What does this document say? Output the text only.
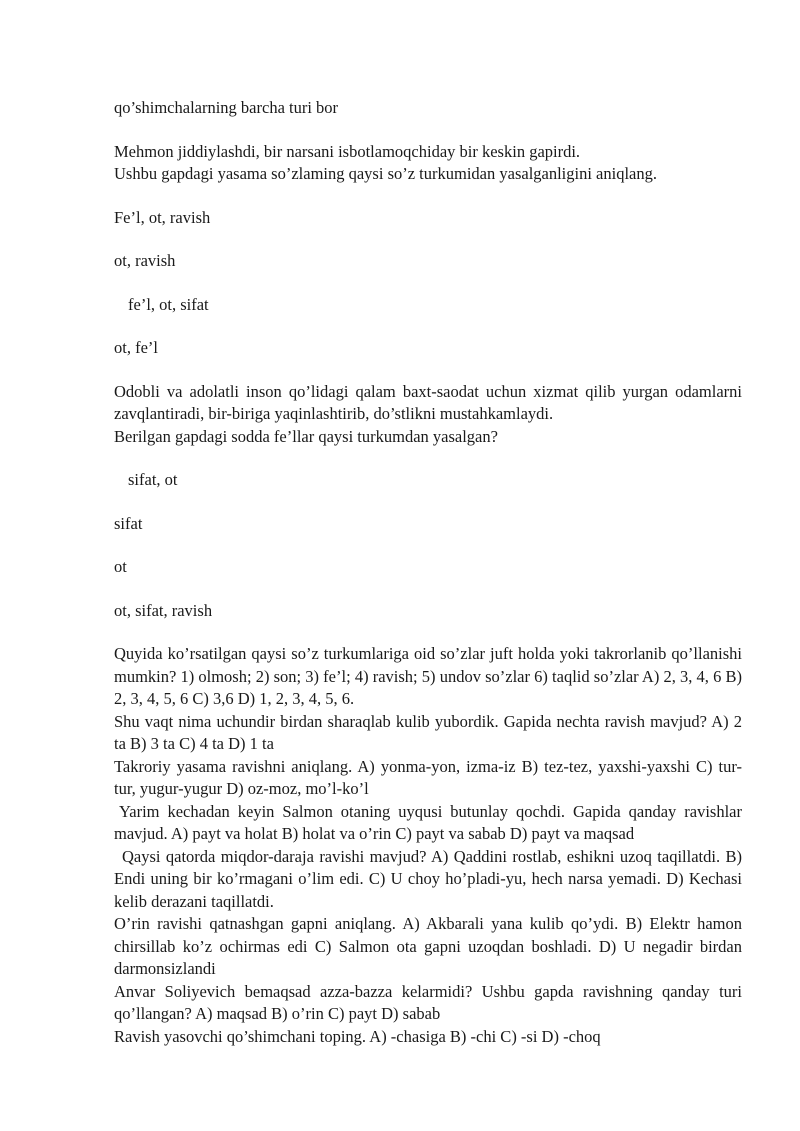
qo’shimchalarning barcha turi bor

Mehmon jiddiylashdi, bir narsani isbotlamoqchiday bir keskin gapirdi.

Ushbu gapdagi yasama so’zlaming qaysi so’z turkumidan yasalganligini aniqlang.

Fe’l, ot, ravish

ot, ravish

fe’l, ot, sifat

ot, fe’l

Odobli va adolatli inson qo’lidagi qalam baxt-saodat uchun xizmat qilib yurgan odamlarni zavqlantiradi, bir-biriga yaqinlashtirib, do’stlikni mustahkamlaydi.

Berilgan gapdagi sodda fe’llar qaysi turkumdan yasalgan?

sifat, ot

sifat

ot

ot, sifat, ravish

Quyida ko’rsatilgan qaysi so’z turkumlariga oid so’zlar juft holda yoki takrorlanib qo’llanishi mumkin? 1) olmosh; 2) son; 3) fe’l; 4) ravish; 5) undov so’zlar 6) taqlid so’zlar A) 2, 3, 4, 6 B) 2, 3, 4, 5, 6 C) 3,6 D) 1, 2, 3, 4, 5, 6.

Shu vaqt nima uchundir birdan sharaqlab kulib yubordik. Gapida nechta ravish mavjud? A) 2 ta B) 3 ta C) 4 ta D) 1 ta

Takroriy yasama ravishni aniqlang. A) yonma-yon, izma-iz B) tez-tez, yaxshi-yaxshi C) tur-tur, yugur-yugur D) oz-moz, mo’l-ko’l

Yarim kechadan keyin Salmon otaning uyqusi butunlay qochdi. Gapida qanday ravishlar mavjud. A) payt va holat B) holat va o’rin C) payt va sabab D) payt va maqsad

Qaysi qatorda miqdor-daraja ravishi mavjud? A) Qaddini rostlab, eshikni uzoq taqillatdi. B) Endi uning bir ko’rmagani o’lim edi. C) U choy ho’pladi-yu, hech narsa yemadi. D) Kechasi kelib derazani taqillatdi.

O’rin ravishi qatnashgan gapni aniqlang. A) Akbarali yana kulib qo’ydi. B) Elektr hamon chirsillab ko’z ochirmas edi C) Salmon ota gapni uzoqdan boshladi. D) U negadir birdan darmonsizlandi

Anvar Soliyevich bemaqsad azza-bazza kelarmidi? Ushbu gapda ravishning qanday turi qo’llangan? A) maqsad B) o’rin C) payt D) sabab

Ravish yasovchi qo’shimchani toping. A) -chasiga B) -chi C) -si D) -choq
